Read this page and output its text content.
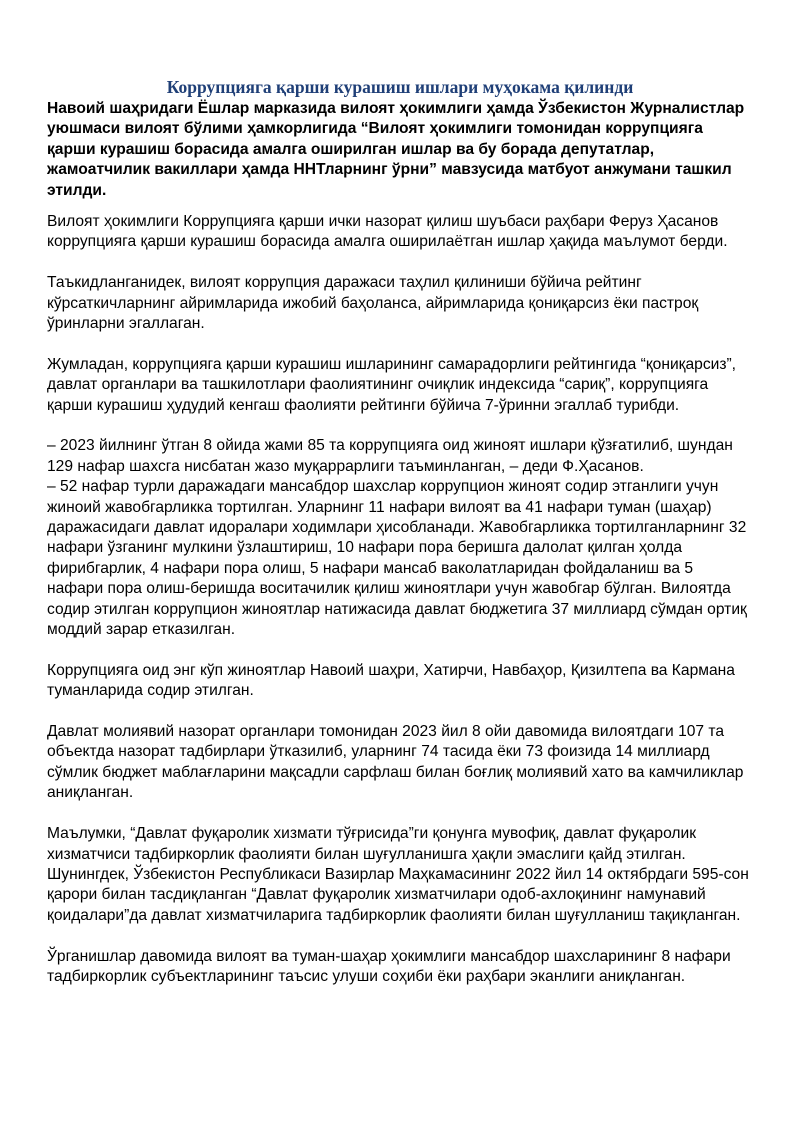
Коррупцияга қарши курашиш ишлари муҳокама қилинди

Навоий шаҳридаги Ёшлар марказида вилоят ҳокимлиги ҳамда Ўзбекистон Журналистлар уюшмаси вилоят бўлими ҳамкорлигида “Вилоят ҳокимлиги томонидан коррупцияга қарши курашиш борасида амалга оширилган ишлар ва бу борада депутатлар, жамоатчилик вакиллари ҳамда ННТларнинг ўрни” мавзусида матбуот анжумани ташкил этилди.

Вилоят ҳокимлиги Коррупцияга қарши ички назорат қилиш шуъбаси раҳбари Феруз Ҳасанов коррупцияга қарши курашиш борасида амалга оширилаётган ишлар ҳақида маълумот берди.

Таъкидланганидек, вилоят коррупция даражаси таҳлил қилиниши бўйича рейтинг кўрсаткичларнинг айримларида ижобий баҳоланса, айримларида қониқарсиз ёки пастроқ ўринларни эгаллаган.

Жумладан, коррупцияга қарши курашиш ишларининг самарадорлиги рейтингида “қониқарсиз”, давлат органлари ва ташкилотлари фаолиятининг очиқлик индексида “сариқ”, коррупцияга қарши курашиш ҳудудий кенгаш фаолияти рейтинги бўйича 7-ўринни эгаллаб турибди.

– 2023 йилнинг ўтган 8 ойида жами 85 та коррупцияга оид жиноят ишлари қўзғатилиб, шундан 129 нафар шахсга нисбатан жазо муқаррарлиги таъминланган, – деди Ф.Ҳасанов.
– 52 нафар турли даражадаги мансабдор шахслар коррупцион жиноят содир этганлиги учун жиноий жавобгарликка тортилган. Уларнинг 11 нафари вилоят ва 41 нафари туман (шаҳар) даражасидаги давлат идоралари ходимлари ҳисобланади. Жавобгарликка тортилганларнинг 32 нафари ўзганинг мулкини ўзлаштириш, 10 нафари пора беришга далолат қилган ҳолда фирибгарлик, 4 нафари пора олиш, 5 нафари мансаб ваколатларидан фойдаланиш ва 5 нафари пора олиш-беришда воситачилик қилиш жиноятлари учун жавобгар бўлган. Вилоятда содир этилган коррупцион жиноятлар натижасида давлат бюджетига 37 миллиард сўмдан ортиқ моддий зарар етказилган.

Коррупцияга оид энг кўп жиноятлар Навоий шаҳри, Хатирчи, Навбаҳор, Қизилтепа ва Кармана туманларида содир этилган.

Давлат молиявий назорат органлари томонидан 2023 йил 8 ойи давомида вилоятдаги 107 та объектда назорат тадбирлари ўтказилиб, уларнинг 74 тасида ёки 73 фоизида 14 миллиард сўмлик бюджет маблағларини мақсадли сарфлаш билан боғлиқ молиявий хато ва камчиликлар аниқланган.

Маълумки, “Давлат фуқаролик хизмати тўғрисида”ги қонунга мувофиқ, давлат фуқаролик хизматчиси тадбиркорлик фаолияти билан шуғулланишга ҳақли эмаслиги қайд этилган. Шунингдек, Ўзбекистон Республикаси Вазирлар Маҳкамасининг 2022 йил 14 октябрдаги 595-сон қарори билан тасдиқланган “Давлат фуқаролик хизматчилари одоб-ахлоқининг намунавий қоидалари”да давлат хизматчиларига тадбиркорлик фаолияти билан шуғулланиш тақиқланган.

Ўрганишлар давомида вилоят ва туман-шаҳар ҳокимлиги мансабдор шахсларининг 8 нафари тадбиркорлик субъектларининг таъсис улуши соҳиби ёки раҳбари эканлиги аниқланган.
